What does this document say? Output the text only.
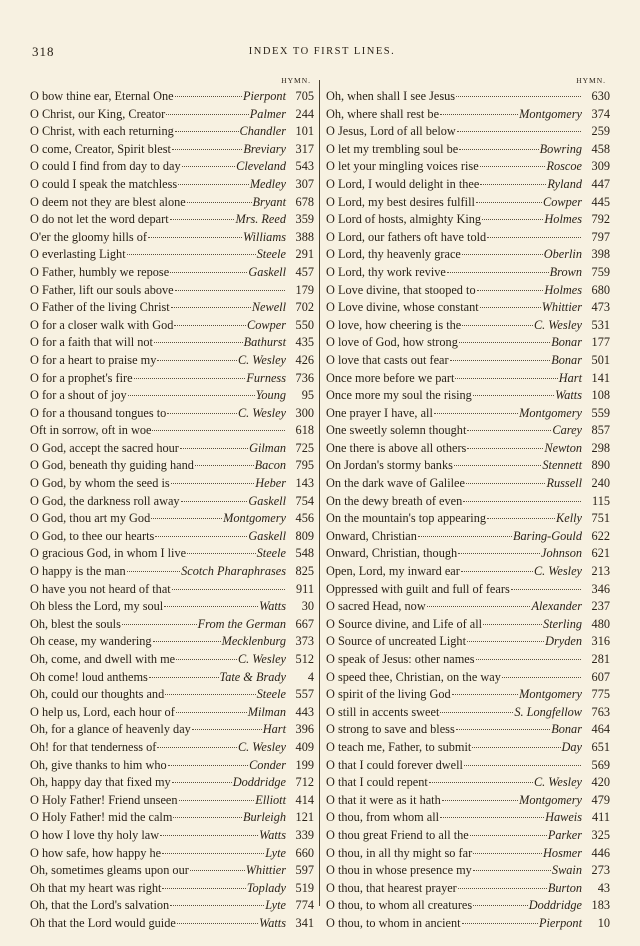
318	INDEX TO FIRST LINES.
HYMN.
O bow thine ear, Eternal One	Pierpont 705
O Christ, our King, Creator	Palmer 244
O Christ, with each returning	Chandler 101
O come, Creator, Spirit blest	Breviary 317
O could I find from day to day	Cleveland 543
O could I speak the matchless	Medley 307
O deem not they are blest alone	Bryant 678
O do not let the word depart	Mrs. Reed 359
O'er the gloomy hills of	Williams 388
O everlasting Light	Steele 291
O Father, humbly we repose	Gaskell 457
O Father, lift our souls above	179
O Father of the living Christ	Newell 702
O for a closer walk with God	Cowper 550
O for a faith that will not	Bathurst 435
O for a heart to praise my	C. Wesley 426
O for a prophet's fire	Furness 736
O for a shout of joy	Young	95
O for a thousand tongues to	C. Wesley 300
Oft in sorrow, oft in woe	618
O God, accept the sacred hour	Gilman 725
O God, beneath thy guiding hand	Bacon 795
O God, by whom the seed is	Heber 143
O God, the darkness roll away	Gaskell 754
O God, thou art my God	Montgomery 456
O God, to thee our hearts	Gaskell 809
O gracious God, in whom I live	Steele 548
O happy is the man	Scotch Pharaphrases 825
O have you not heard of that	911
Oh bless the Lord, my soul	Watts	30
Oh, blest the souls	From the German 667
Oh cease, my wandering	Mecklenburg 373
Oh, come, and dwell with me	C. Wesley 512
Oh come! loud anthems	Tate & Brady	4
Oh, could our thoughts and	Steele 557
O help us, Lord, each hour of	Milman 443
Oh, for a glance of heavenly day	Hart 396
Oh! for that tenderness of	C. Wesley 409
Oh, give thanks to him who	Conder 199
Oh, happy day that fixed my	Doddridge 712
O Holy Father! Friend unseen	Elliott 414
O Holy Father! mid the calm	Burleigh 121
O how I love thy holy law	Watts 339
O how safe, how happy he	Lyte 660
Oh, sometimes gleams upon our	Whittier 597
Oh that my heart was right	Toplady 519
Oh, that the Lord's salvation	Lyte 774
Oh that the Lord would guide	Watts 341
HYMN.
Oh, when shall I see Jesus	630
Oh, where shall rest be	Montgomery 374
O Jesus, Lord of all below	259
O let my trembling soul be	Bowring 458
O let your mingling voices rise	Roscoe 309
O Lord, I would delight in thee	Ryland 447
O Lord, my best desires fulfill	Cowper 445
O Lord of hosts, almighty King	Holmes 792
O Lord, our fathers oft have told	797
O Lord, thy heavenly grace	Oberlin 398
O Lord, thy work revive	Brown 759
O Love divine, that stooped to	Holmes 680
O Love divine, whose constant	Whittier 473
O love, how cheering is the	C. Wesley 531
O love of God, how strong	Bonar 177
O love that casts out fear	Bonar 501
Once more before we part	Hart 141
Once more my soul the rising	Watts 108
One prayer I have, all	Montgomery 559
One sweetly solemn thought	Carey 857
One there is above all others	Newton 298
On Jordan's stormy banks	Stennett 890
On the dark wave of Galilee	Russell 240
On the dewy breath of even	115
On the mountain's top appearing	Kelly 751
Onward, Christian	Baring-Gould 622
Onward, Christian, though	Johnson 621
Open, Lord, my inward ear	C. Wesley 213
Oppressed with guilt and full of fears	346
O sacred Head, now	Alexander 237
O Source divine, and Life of all	Sterling 480
O Source of uncreated Light	Dryden 316
O speak of Jesus: other names	281
O speed thee, Christian, on the way	607
O spirit of the living God	Montgomery 775
O still in accents sweet	S. Longfellow 763
O strong to save and bless	Bonar 464
O teach me, Father, to submit	Day 651
O that I could forever dwell	569
O that I could repent	C. Wesley 420
O that it were as it hath	Montgomery 479
O thou, from whom all	Haweis 411
O thou great Friend to all the	Parker 325
O thou, in all thy might so far	Hosmer 446
O thou in whose presence my	Swain 273
O thou, that hearest prayer	Burton	43
O thou, to whom all creatures	Doddridge 183
O thou, to whom in ancient	Pierpont	10
